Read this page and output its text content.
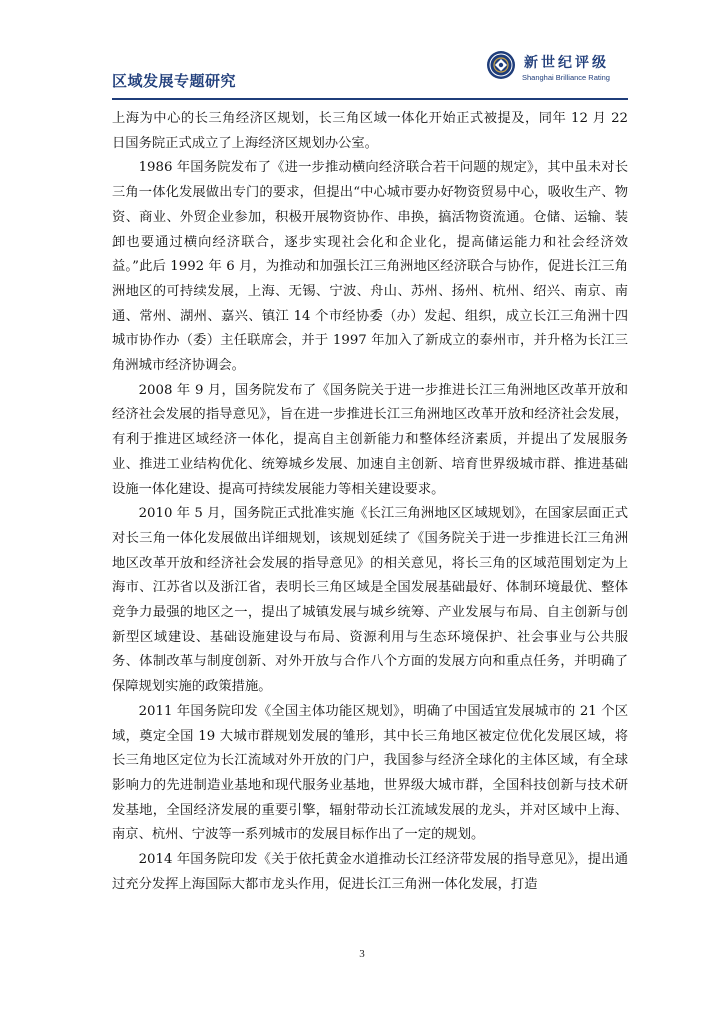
区域发展专题研究
新世纪评级
Shanghai Brilliance Rating

上海为中心的长三角经济区规划，长三角区域一体化开始正式被提及，同年 12 月 22 日国务院正式成立了上海经济区规划办公室。

1986 年国务院发布了《进一步推动横向经济联合若干问题的规定》，其中虽未对长三角一体化发展做出专门的要求，但提出“中心城市要办好物资贸易中心，吸收生产、物资、商业、外贸企业参加，积极开展物资协作、串换，搞活物资流通。仓储、运输、装卸也要通过横向经济联合，逐步实现社会化和企业化，提高储运能力和社会经济效益。”此后 1992 年 6 月，为推动和加强长江三角洲地区经济联合与协作，促进长江三角洲地区的可持续发展，上海、无锡、宁波、舟山、苏州、扬州、杭州、绍兴、南京、南通、常州、湖州、嘉兴、镇江 14 个市经协委（办）发起、组织，成立长江三角洲十四城市协作办（委）主任联席会，并于 1997 年加入了新成立的泰州市，并升格为长江三角洲城市经济协调会。

2008 年 9 月，国务院发布了《国务院关于进一步推进长江三角洲地区改革开放和经济社会发展的指导意见》，旨在进一步推进长江三角洲地区改革开放和经济社会发展，有利于推进区域经济一体化，提高自主创新能力和整体经济素质，并提出了发展服务业、推进工业结构优化、统筹城乡发展、加速自主创新、培育世界级城市群、推进基础设施一体化建设、提高可持续发展能力等相关建设要求。

2010 年 5 月，国务院正式批准实施《长江三角洲地区区域规划》，在国家层面正式对长三角一体化发展做出详细规划，该规划延续了《国务院关于进一步推进长江三角洲地区改革开放和经济社会发展的指导意见》的相关意见，将长三角的区域范围划定为上海市、江苏省以及浙江省，表明长三角区域是全国发展基础最好、体制环境最优、整体竞争力最强的地区之一，提出了城镇发展与城乡统筹、产业发展与布局、自主创新与创新型区域建设、基础设施建设与布局、资源利用与生态环境保护、社会事业与公共服务、体制改革与制度创新、对外开放与合作八个方面的发展方向和重点任务，并明确了保障规划实施的政策措施。

2011 年国务院印发《全国主体功能区规划》，明确了中国适宜发展城市的 21 个区域，奠定全国 19 大城市群规划发展的雏形，其中长三角地区被定位优化发展区域，将长三角地区定位为长江流域对外开放的门户，我国参与经济全球化的主体区域，有全球影响力的先进制造业基地和现代服务业基地，世界级大城市群，全国科技创新与技术研发基地，全国经济发展的重要引擎，辐射带动长江流域发展的龙头，并对区域中上海、南京、杭州、宁波等一系列城市的发展目标作出了一定的规划。

2014 年国务院印发《关于依托黄金水道推动长江经济带发展的指导意见》，提出通过充分发挥上海国际大都市龙头作用，促进长江三角洲一体化发展，打造

3
